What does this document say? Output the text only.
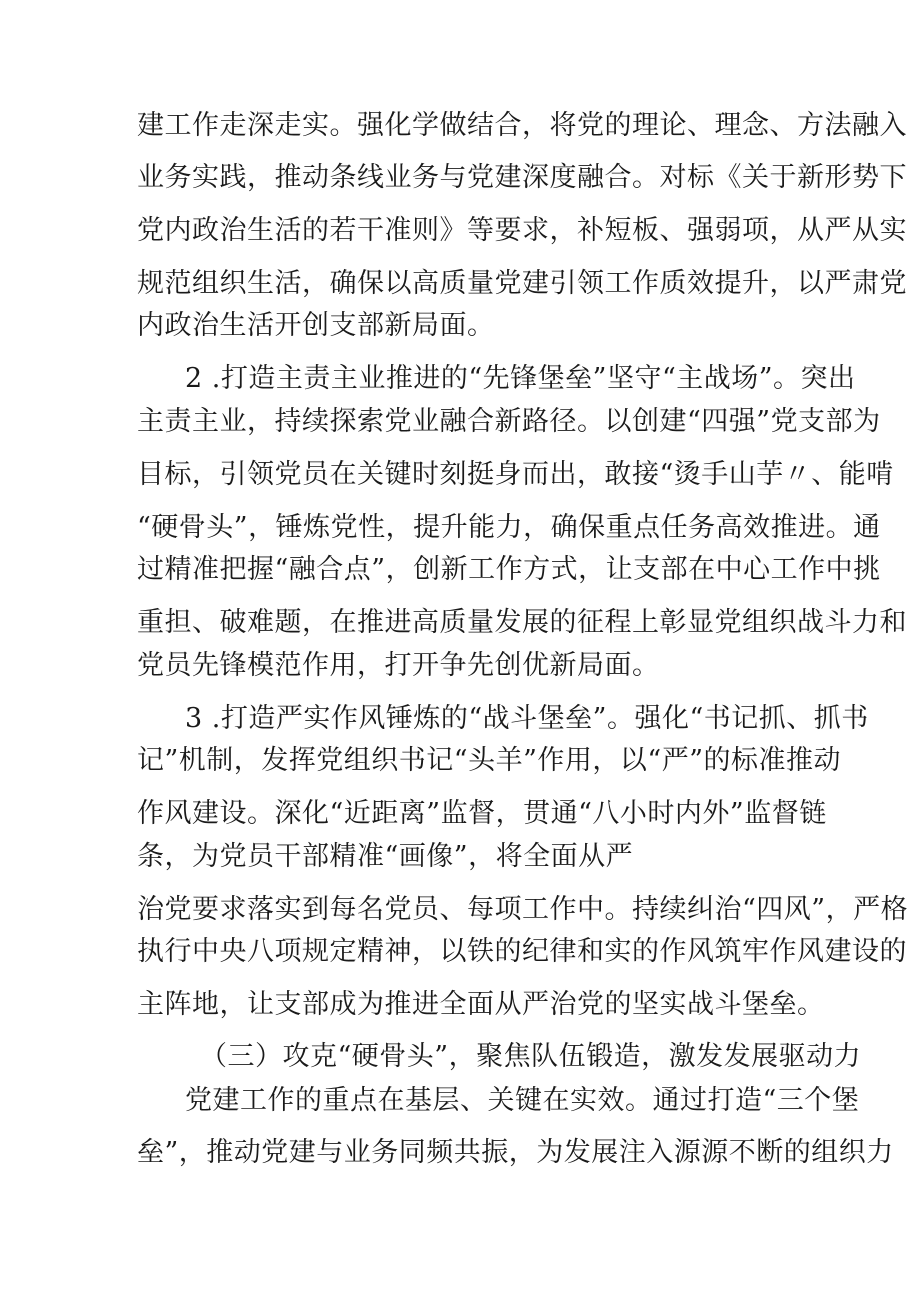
建工作走深走实。强化学做结合，将党的理论、理念、方法融入
业务实践，推动条线业务与党建深度融合。对标《关于新形势下
党内政治生活的若干准则》等要求，补短板、强弱项，从严从实
规范组织生活，确保以高质量党建引领工作质效提升，以严肃党
内政治生活开创支部新局面。
2 .打造主责主业推进的“先锋堡垒”坚守“主战场”。突出
主责主业，持续探索党业融合新路径。以创建“四强”党支部为
目标，引领党员在关键时刻挺身而出，敢接“烫手山芋〃、能啃
“硬骨头”，锤炼党性，提升能力，确保重点任务高效推进。通
过精准把握“融合点”，创新工作方式，让支部在中心工作中挑
重担、破难题，在推进高质量发展的征程上彰显党组织战斗力和
党员先锋模范作用，打开争先创优新局面。
3 .打造严实作风锤炼的“战斗堡垒”。强化“书记抓、抓书
记”机制，发挥党组织书记“头羊”作用，以“严”的标准推动
作风建设。深化“近距离”监督，贯通“八小时内外”监督链
条，为党员干部精准“画像”，将全面从严
治党要求落实到每名党员、每项工作中。持续纠治“四风”，严格
执行中央八项规定精神，以铁的纪律和实的作风筑牢作风建设的
主阵地，让支部成为推进全面从严治党的坚实战斗堡垒。
（三）攻克“硬骨头”，聚焦队伍锻造，激发发展驱动力
党建工作的重点在基层、关键在实效。通过打造“三个堡
垒”，推动党建与业务同频共振，为发展注入源源不断的组织力
